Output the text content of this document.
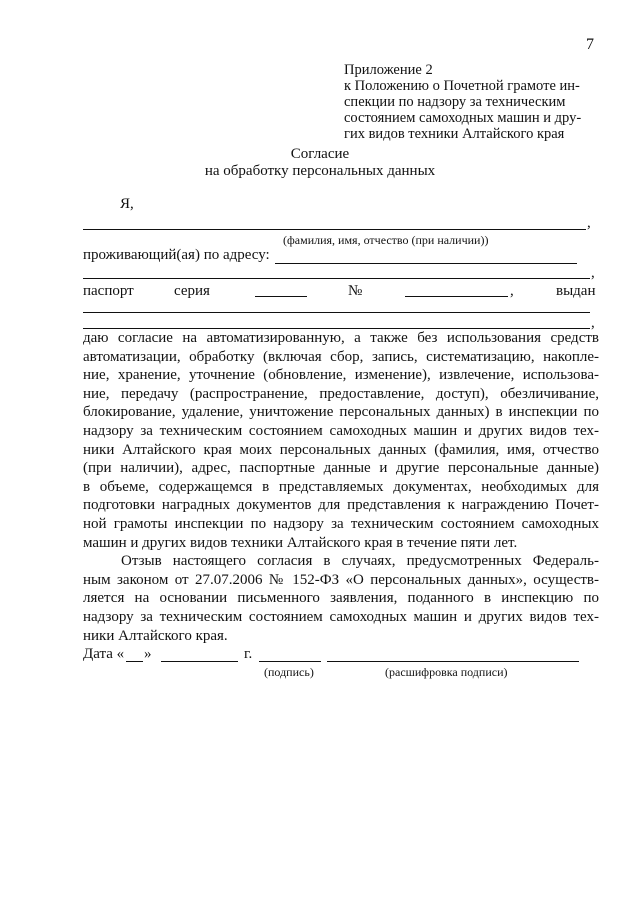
7
Приложение 2
к Положению о Почетной грамоте ин-
спекции по надзору за техническим
состоянием самоходных машин и дру-
гих видов техники Алтайского края
Согласие
на обработку персональных данных
Я,
,
(фамилия, имя, отчество (при наличии))
проживающий(ая) по адресу:
,
паспорт	серия	№	,	выдан
,
даю согласие на автоматизированную, а также без использования средств
автоматизации, обработку (включая сбор, запись, систематизацию, накопле-
ние, хранение, уточнение (обновление, изменение), извлечение, использова-
ние, передачу (распространение, предоставление, доступ), обезличивание,
блокирование, удаление, уничтожение персональных данных) в инспекции по
надзору за техническим состоянием самоходных машин и других видов тех-
ники Алтайского края моих персональных данных (фамилия, имя, отчество
(при наличии), адрес, паспортные данные и другие персональные данные)
в объеме, содержащемся в представляемых документах, необходимых для
подготовки наградных документов для представления к награждению Почет-
ной грамоты инспекции по надзору за техническим состоянием самоходных
машин и других видов техники Алтайского края в течение пяти лет.
Отзыв настоящего согласия в случаях, предусмотренных Федераль-
ным законом от 27.07.2006 № 152-ФЗ «О персональных данных», осуществ-
ляется на основании письменного заявления, поданного в инспекцию по
надзору за техническим состоянием самоходных машин и других видов тех-
ники Алтайского края.
Дата « »	г.
(подпись)	(расшифровка подписи)
